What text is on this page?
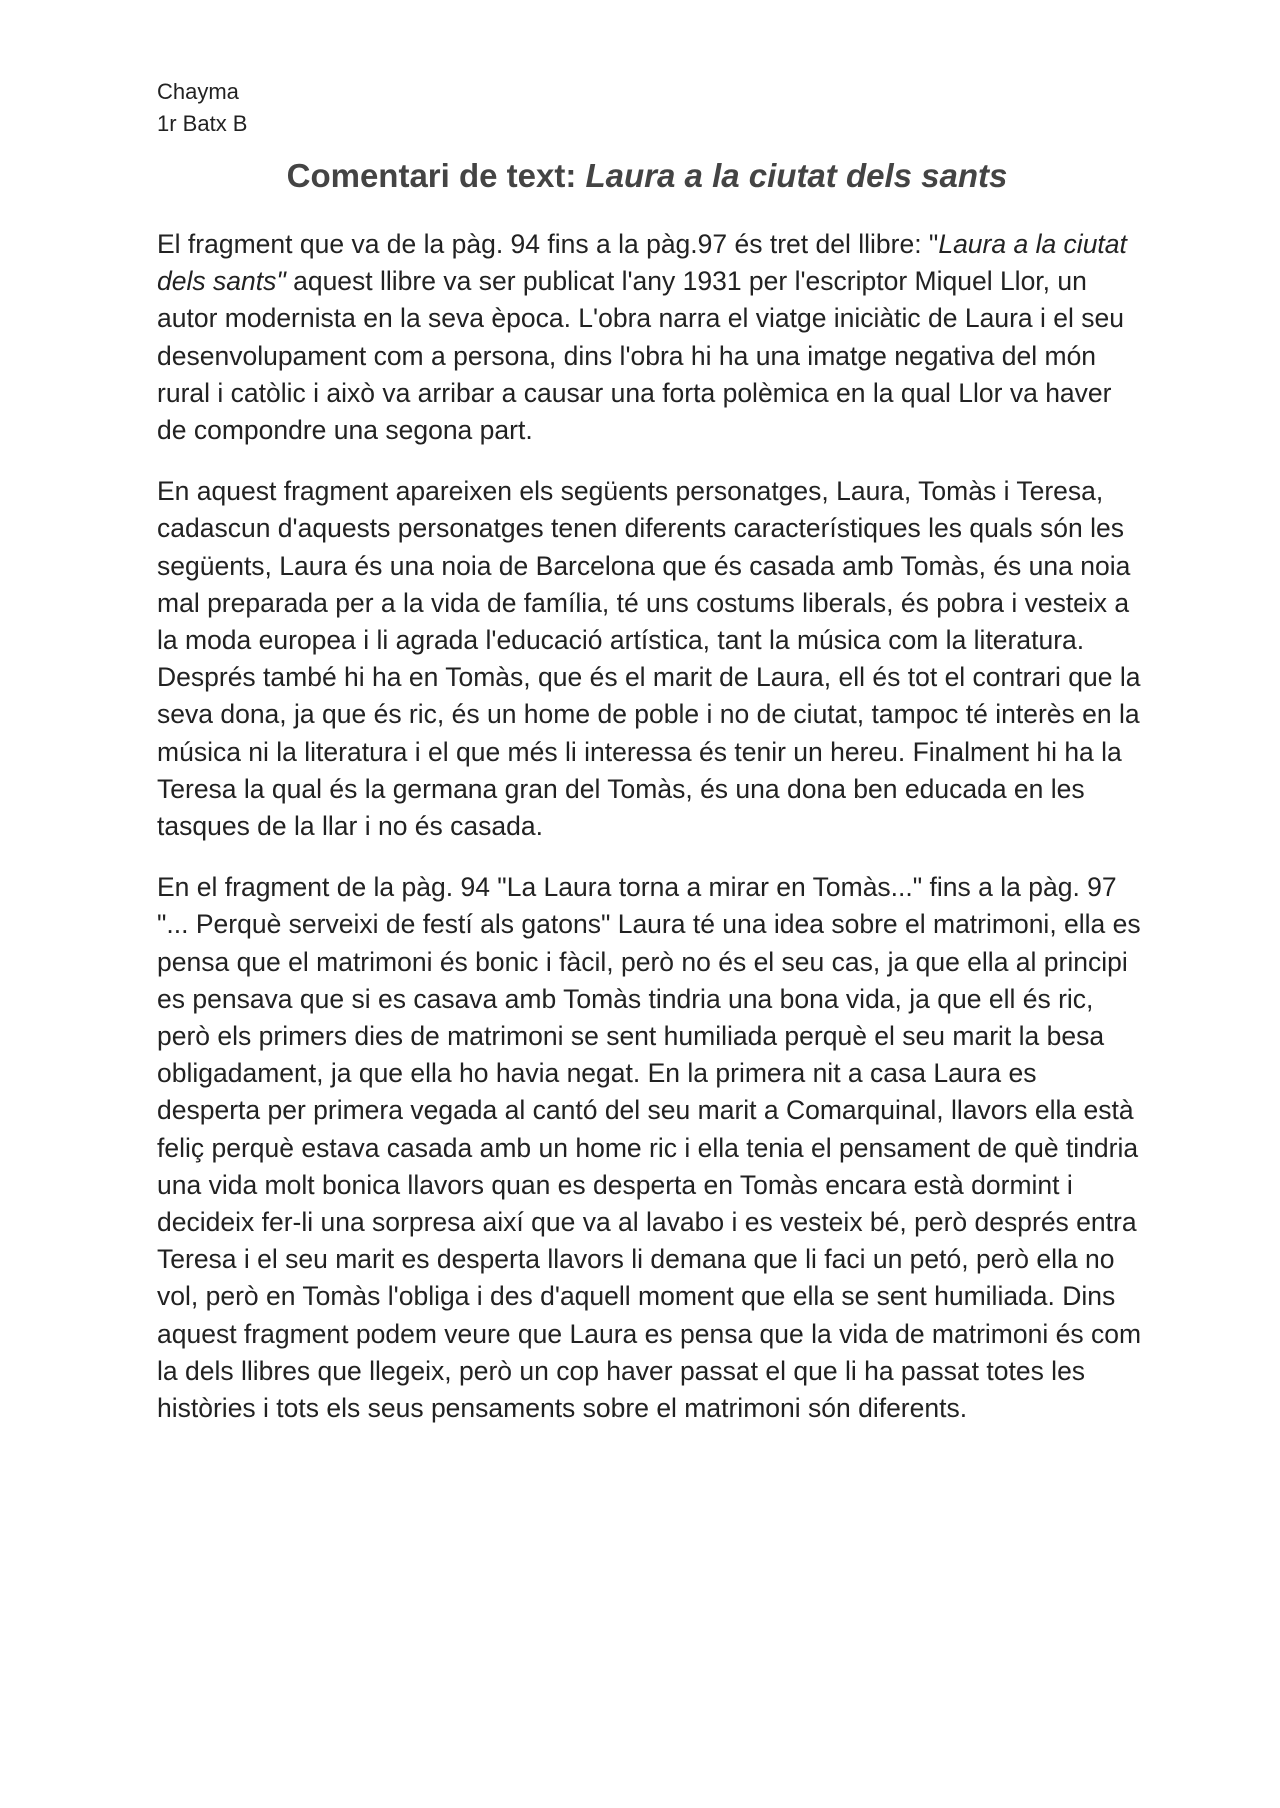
Chayma
1r Batx B
Comentari de text: Laura a la ciutat dels sants

El fragment que va de la pàg. 94 fins a la pàg.97 és tret del llibre: "Laura a la ciutat dels sants" aquest llibre va ser publicat l'any 1931 per l'escriptor Miquel Llor, un autor modernista en la seva època. L'obra narra el viatge iniciàtic de Laura i el seu desenvolupament com a persona, dins l'obra hi ha una imatge negativa del món rural i catòlic i això va arribar a causar una forta polèmica en la qual Llor va haver de compondre una segona part.

En aquest fragment apareixen els següents personatges, Laura, Tomàs i Teresa, cadascun d'aquests personatges tenen diferents característiques les quals són les següents, Laura és una noia de Barcelona que és casada amb Tomàs, és una noia mal preparada per a la vida de família, té uns costums liberals, és pobra i vesteix a la moda europea i li agrada l'educació artística, tant la música com la literatura. Després també hi ha en Tomàs, que és el marit de Laura, ell és tot el contrari que la seva dona, ja que és ric, és un home de poble i no de ciutat, tampoc té interès en la música ni la literatura i el que més li interessa és tenir un hereu. Finalment hi ha la Teresa la qual és la germana gran del Tomàs, és una dona ben educada en les tasques de la llar i no és casada.

En el fragment de la pàg. 94 "La Laura torna a mirar en Tomàs..." fins a la pàg. 97 "... Perquè serveixi de festí als gatons" Laura té una idea sobre el matrimoni, ella es pensa que el matrimoni és bonic i fàcil, però no és el seu cas, ja que ella al principi es pensava que si es casava amb Tomàs tindria una bona vida, ja que ell és ric, però els primers dies de matrimoni se sent humiliada perquè el seu marit la besa obligadament, ja que ella ho havia negat. En la primera nit a casa Laura es desperta per primera vegada al cantó del seu marit a Comarquinal, llavors ella està feliç perquè estava casada amb un home ric i ella tenia el pensament de què tindria una vida molt bonica llavors quan es desperta en Tomàs encara està dormint i decideix fer-li una sorpresa així que va al lavabo i es vesteix bé, però després entra Teresa i el seu marit es desperta llavors li demana que li faci un petó, però ella no vol, però en Tomàs l'obliga i des d'aquell moment que ella se sent humiliada. Dins aquest fragment podem veure que Laura es pensa que la vida de matrimoni és com la dels llibres que llegeix, però un cop haver passat el que li ha passat totes les històries i tots els seus pensaments sobre el matrimoni són diferents.
